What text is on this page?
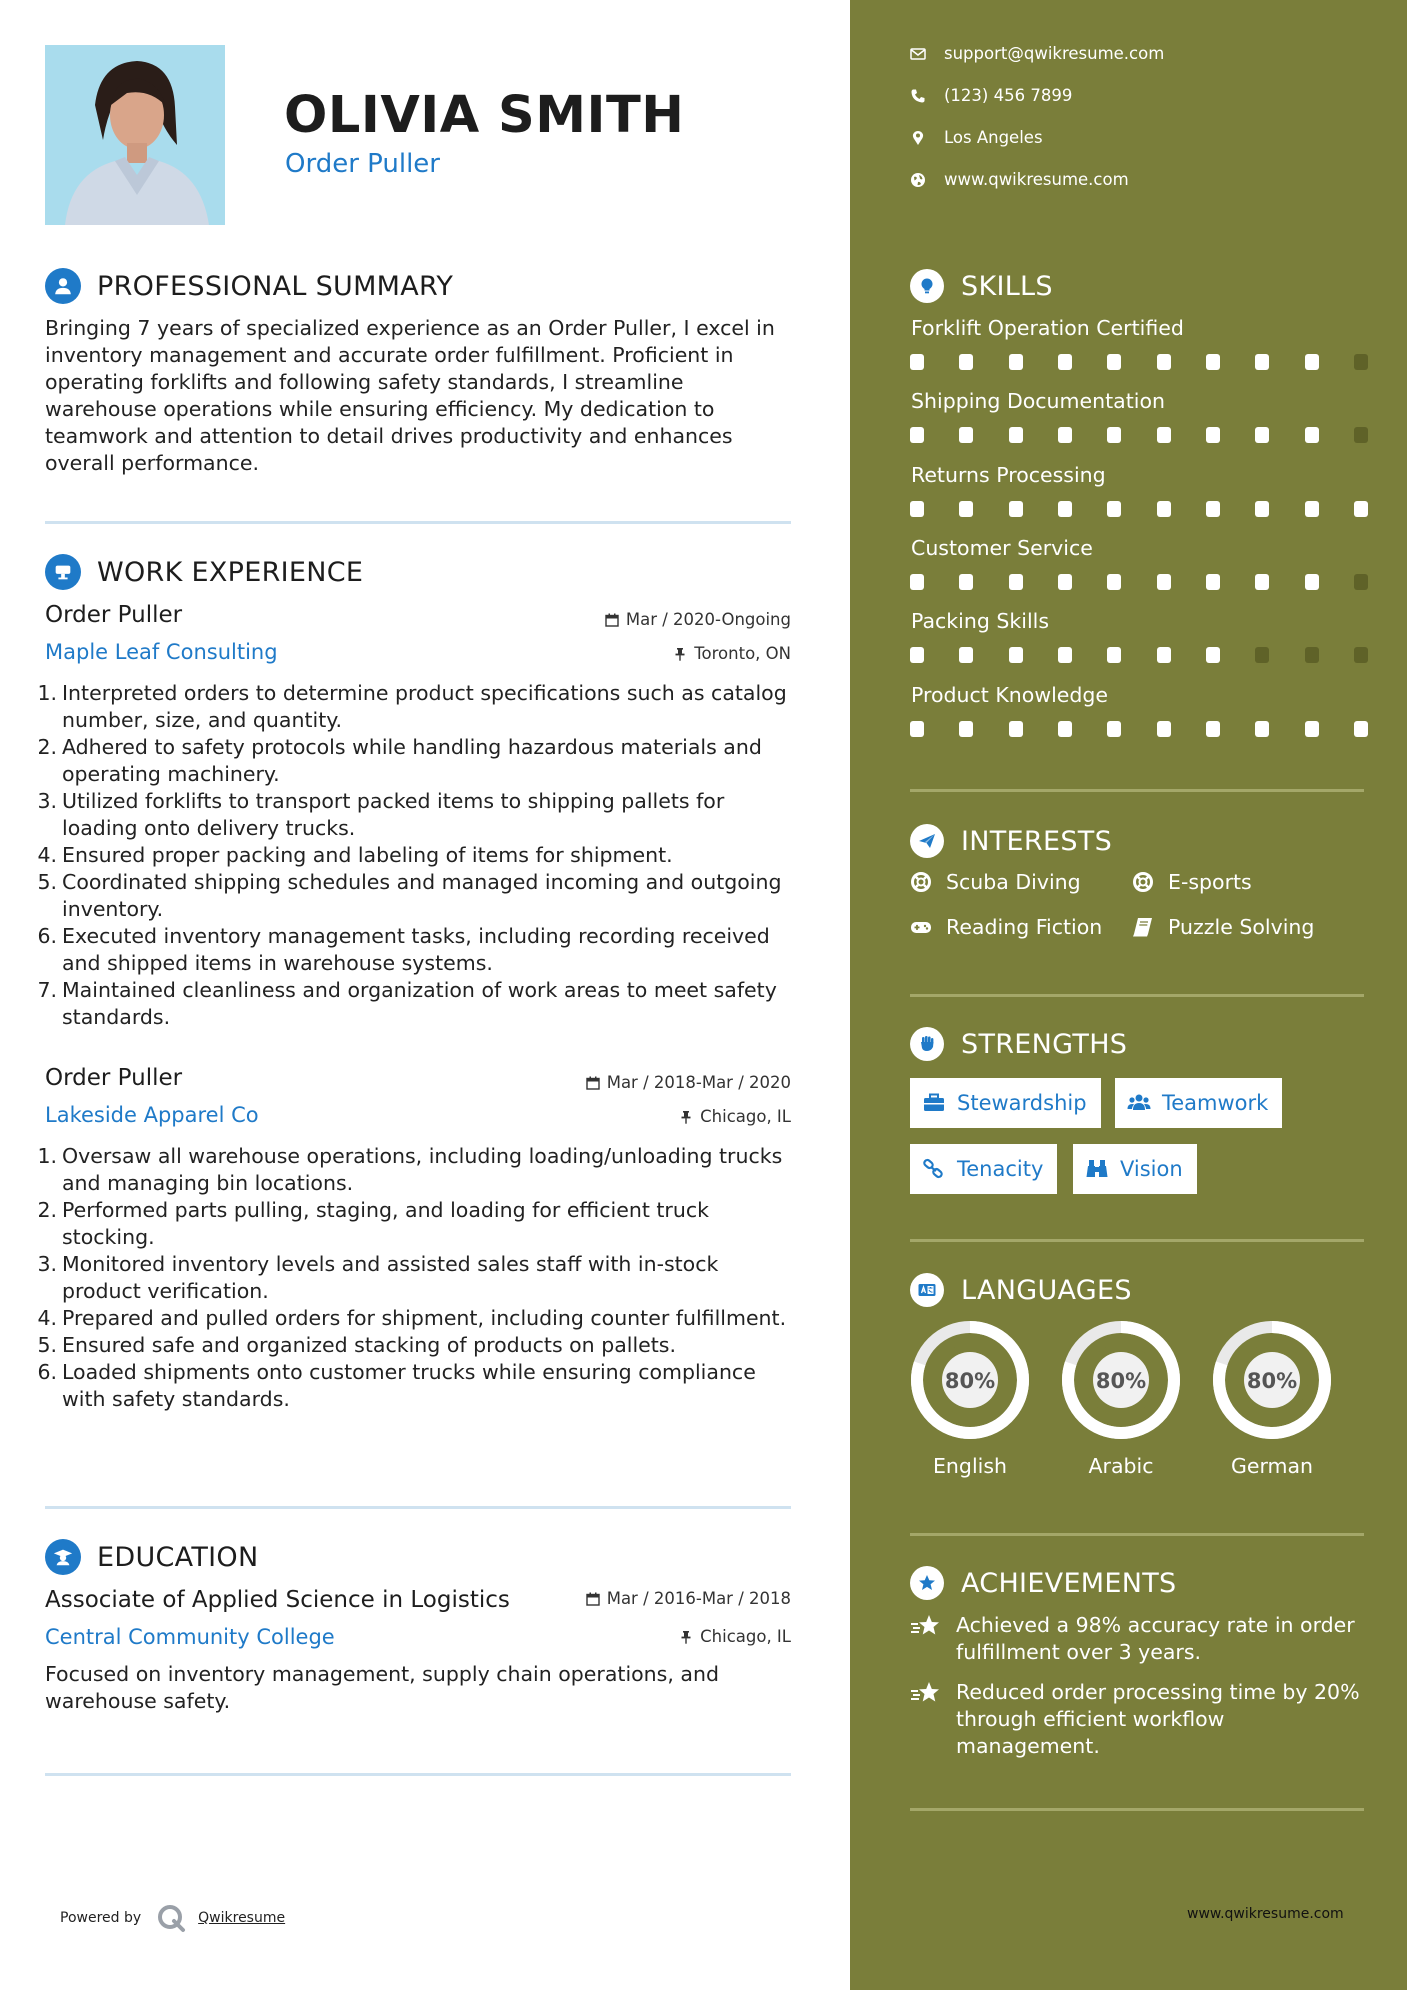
OLIVIA SMITH
Order Puller
PROFESSIONAL SUMMARY
Bringing 7 years of specialized experience as an Order Puller, I excel in inventory management and accurate order fulfillment. Proficient in operating forklifts and following safety standards, I streamline warehouse operations while ensuring efficiency. My dedication to teamwork and attention to detail drives productivity and enhances overall performance.
WORK EXPERIENCE
Order Puller	Mar / 2020-Ongoing
Maple Leaf Consulting	Toronto, ON
1. Interpreted orders to determine product specifications such as catalog number, size, and quantity.
2. Adhered to safety protocols while handling hazardous materials and operating machinery.
3. Utilized forklifts to transport packed items to shipping pallets for loading onto delivery trucks.
4. Ensured proper packing and labeling of items for shipment.
5. Coordinated shipping schedules and managed incoming and outgoing inventory.
6. Executed inventory management tasks, including recording received and shipped items in warehouse systems.
7. Maintained cleanliness and organization of work areas to meet safety standards.
Order Puller	Mar / 2018-Mar / 2020
Lakeside Apparel Co	Chicago, IL
1. Oversaw all warehouse operations, including loading/unloading trucks and managing bin locations.
2. Performed parts pulling, staging, and loading for efficient truck stocking.
3. Monitored inventory levels and assisted sales staff with in-stock product verification.
4. Prepared and pulled orders for shipment, including counter fulfillment.
5. Ensured safe and organized stacking of products on pallets.
6. Loaded shipments onto customer trucks while ensuring compliance with safety standards.
EDUCATION
Associate of Applied Science in Logistics	Mar / 2016-Mar / 2018
Central Community College	Chicago, IL
Focused on inventory management, supply chain operations, and warehouse safety.
Powered by	Qwikresume
support@qwikresume.com
(123) 456 7899
Los Angeles
www.qwikresume.com
SKILLS
Forklift Operation Certified
Shipping Documentation
Returns Processing
Customer Service
Packing Skills
Product Knowledge
INTERESTS
Scuba Diving	E-sports
Reading Fiction	Puzzle Solving
STRENGTHS
Stewardship	Teamwork
Tenacity	Vision
LANGUAGES
80%
English
80%
Arabic
80%
German
ACHIEVEMENTS
Achieved a 98% accuracy rate in order fulfillment over 3 years.
Reduced order processing time by 20% through efficient workflow management.
www.qwikresume.com
